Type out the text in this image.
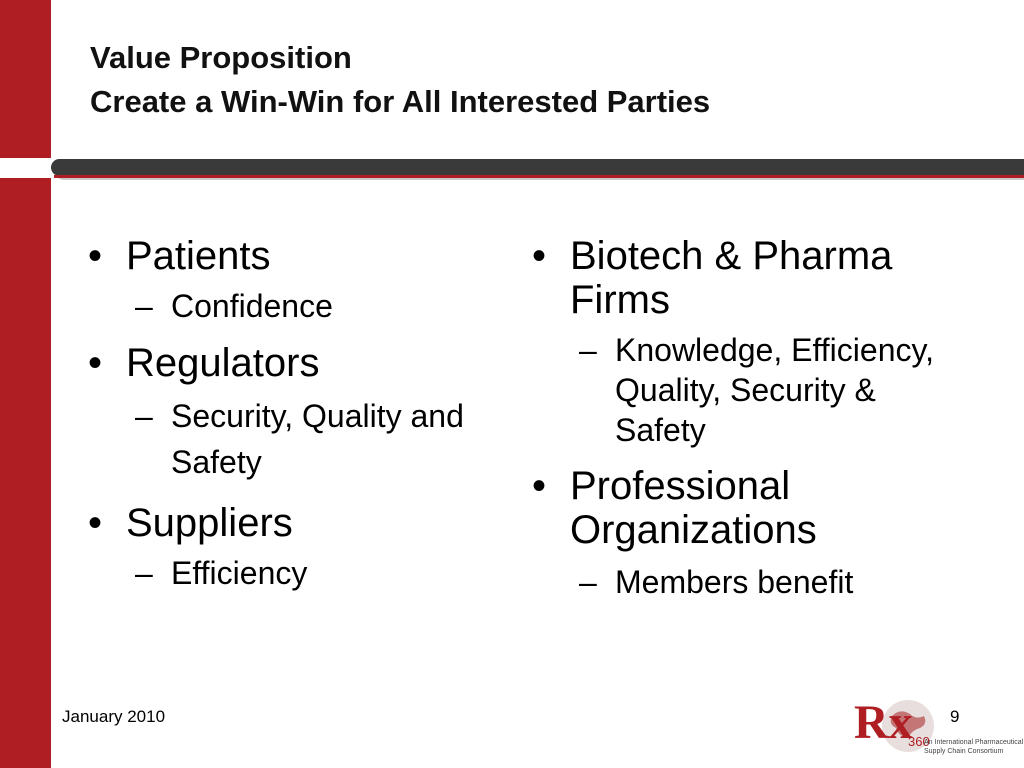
Value Proposition
Create a Win-Win for All Interested Parties
• Patients
– Confidence
• Regulators
– Security, Quality and Safety
• Suppliers
– Efficiency
• Biotech & Pharma Firms
– Knowledge, Efficiency, Quality, Security & Safety
• Professional Organizations
– Members benefit
January 2010	9
Rx
360
An International Pharmaceutical
Supply Chain Consortium
